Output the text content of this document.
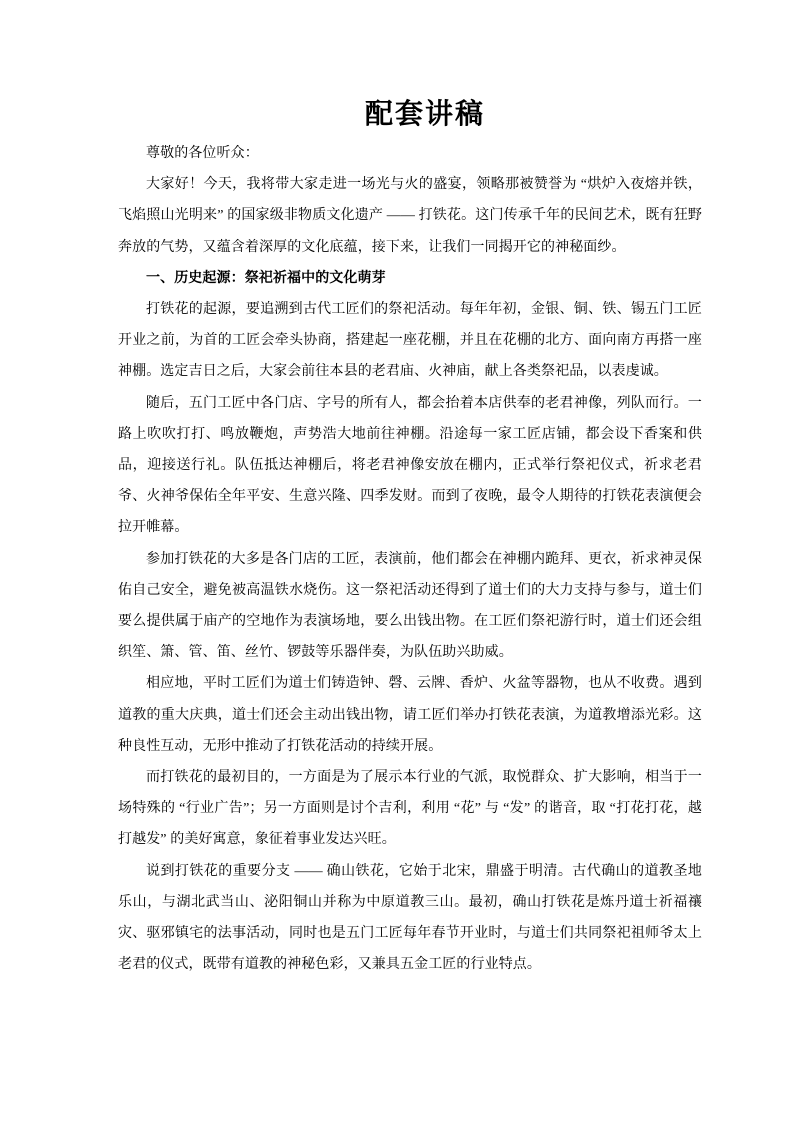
配套讲稿

尊敬的各位听众：

大家好！今天，我将带大家走进一场光与火的盛宴，领略那被赞誉为 “烘炉入夜熔并铁，飞焰照山光明来” 的国家级非物质文化遗产 —— 打铁花。这门传承千年的民间艺术，既有狂野奔放的气势，又蕴含着深厚的文化底蕴，接下来，让我们一同揭开它的神秘面纱。

一、历史起源：祭祀祈福中的文化萌芽

打铁花的起源，要追溯到古代工匠们的祭祀活动。每年年初，金银、铜、铁、锡五门工匠开业之前，为首的工匠会牵头协商，搭建起一座花棚，并且在花棚的北方、面向南方再搭一座神棚。选定吉日之后，大家会前往本县的老君庙、火神庙，献上各类祭祀品，以表虔诚。

随后，五门工匠中各门店、字号的所有人，都会抬着本店供奉的老君神像，列队而行。一路上吹吹打打、鸣放鞭炮，声势浩大地前往神棚。沿途每一家工匠店铺，都会设下香案和供品，迎接送行礼。队伍抵达神棚后，将老君神像安放在棚内，正式举行祭祀仪式，祈求老君爷、火神爷保佑全年平安、生意兴隆、四季发财。而到了夜晚，最令人期待的打铁花表演便会拉开帷幕。

参加打铁花的大多是各门店的工匠，表演前，他们都会在神棚内跪拜、更衣，祈求神灵保佑自己安全，避免被高温铁水烧伤。这一祭祀活动还得到了道士们的大力支持与参与，道士们要么提供属于庙产的空地作为表演场地，要么出钱出物。在工匠们祭祀游行时，道士们还会组织笙、箫、管、笛、丝竹、锣鼓等乐器伴奏，为队伍助兴助威。

相应地，平时工匠们为道士们铸造钟、磬、云牌、香炉、火盆等器物，也从不收费。遇到道教的重大庆典，道士们还会主动出钱出物，请工匠们举办打铁花表演，为道教增添光彩。这种良性互动，无形中推动了打铁花活动的持续开展。

而打铁花的最初目的，一方面是为了展示本行业的气派，取悦群众、扩大影响，相当于一场特殊的 “行业广告”；另一方面则是讨个吉利，利用 “花” 与 “发” 的谐音，取 “打花打花，越打越发” 的美好寓意，象征着事业发达兴旺。

说到打铁花的重要分支 —— 确山铁花，它始于北宋，鼎盛于明清。古代确山的道教圣地乐山，与湖北武当山、泌阳铜山并称为中原道教三山。最初，确山打铁花是炼丹道士祈福禳灾、驱邪镇宅的法事活动，同时也是五门工匠每年春节开业时，与道士们共同祭祀祖师爷太上老君的仪式，既带有道教的神秘色彩，又兼具五金工匠的行业特点。
